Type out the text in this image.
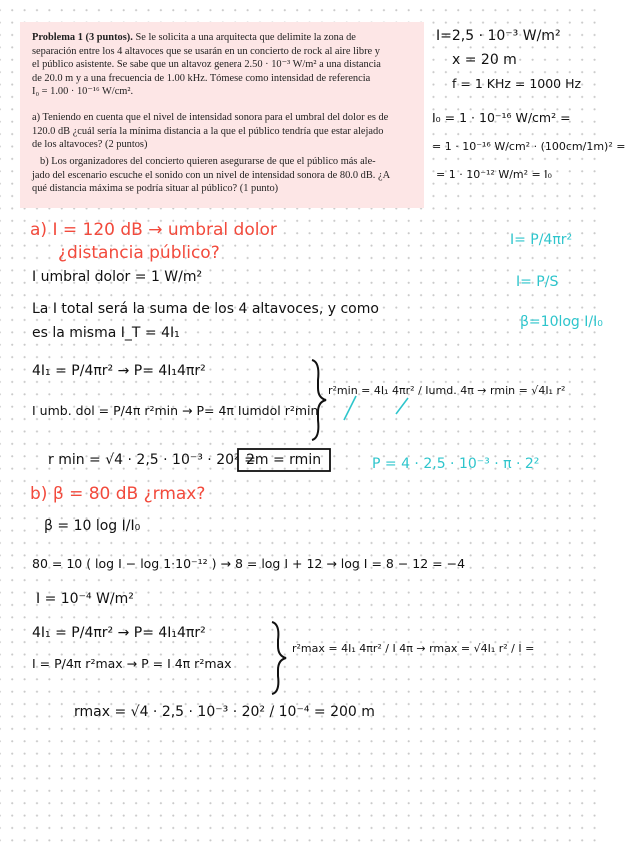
Problema 1 (3 puntos). Se le solicita a una arquitecta que delimite la zona de

separación entre los 4 altavoces que se usarán en un concierto de rock al aire libre y

el público asistente. Se sabe que un altavoz genera 2.50 · 10⁻³ W/m² a una distancia

de 20.0 m y a una frecuencia de 1.00 kHz. Tómese como intensidad de referencia

I₀ = 1.00 · 10⁻¹⁶ W/cm².

a) Teniendo en cuenta que el nivel de intensidad sonora para el umbral del dolor es de

120.0 dB ¿cuál sería la mínima distancia a la que el público tendría que estar alejado

de los altavoces? (2 puntos)

b) Los organizadores del concierto quieren asegurarse de que el público más ale-

jado del escenario escuche el sonido con un nivel de intensidad sonora de 80.0 dB. ¿A

qué distancia máxima se podría situar al público? (1 punto)

I=2,5 · 10⁻³ W/m²
x = 20 m
f = 1 KHz = 1000 Hz
I₀ = 1 · 10⁻¹⁶ W/cm² =
= 1 · 10⁻¹⁶ W/cm² · (100cm/1m)² =
= 1 · 10⁻¹² W/m² = I₀
I= P/4πr²
I= P/S
β=10log I/I₀
P = 4 · 2,5 · 10⁻³ · π · 2²
a) I = 120 dB → umbral dolor
¿distancia público?
I umbral dolor = 1 W/m²
La I total será la suma de los 4 altavoces, y como
es la misma I_T = 4I₁
4I₁ = P/4πr² → P= 4I₁4πr²
I umb. dol = P/4π r²min → P= 4π Iumdol r²min
r²min = 4I₁ 4πr² / Iumd. 4π → rmin = √4I₁ r²
r min = √4 · 2,5 · 10⁻³ · 20² =
2m = rmin
b) β = 80 dB ¿rmax?
β = 10 log I/I₀
80 = 10 ( log I − log 1·10⁻¹² ) → 8 = log I + 12 → log I = 8 − 12 = −4
I = 10⁻⁴ W/m²
4I₁ = P/4πr² → P= 4I₁4πr²
I = P/4π r²max → P = I 4π r²max
r²max = 4I₁ 4πr² / I 4π → rmax = √4I₁ r² / I =
rmax = √4 · 2,5 · 10⁻³ · 20² / 10⁻⁴ = 200 m
